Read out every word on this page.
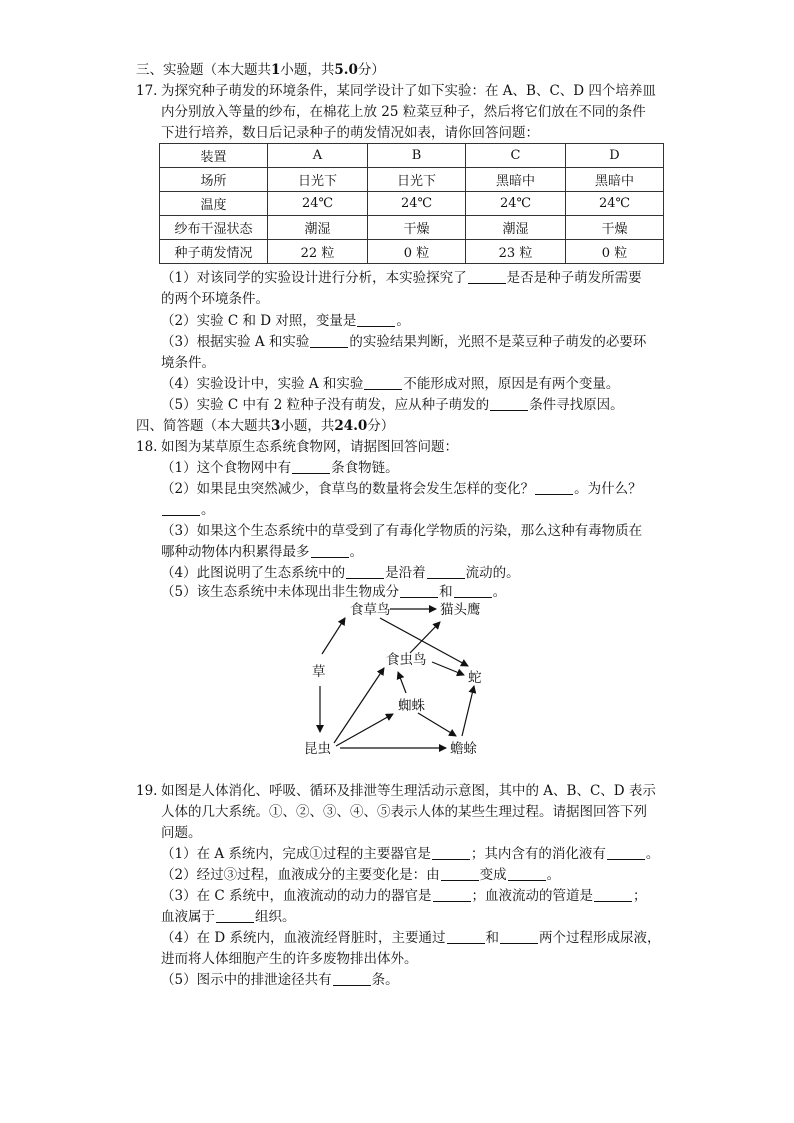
三、实验题（本大题共1小题，共5.0分）
17. 为探究种子萌发的环境条件，某同学设计了如下实验：在 A、B、C、D 四个培养皿
内分别放入等量的纱布，在棉花上放 25 粒菜豆种子，然后将它们放在不同的条件
下进行培养，数日后记录种子的萌发情况如表，请你回答问题：
装置	A	B	C	D
场所	日光下	日光下	黑暗中	黑暗中
温度	24℃	24℃	24℃	24℃
纱布干湿状态	潮湿	干燥	潮湿	干燥
种子萌发情况	22 粒	0 粒	23 粒	0 粒
（1）对该同学的实验设计进行分析，本实验探究了	是否是种子萌发所需要
的两个环境条件。
（2）实验 C 和 D 对照，变量是	。
（3）根据实验 A 和实验	的实验结果判断，光照不是菜豆种子萌发的必要环
境条件。
（4）实验设计中，实验 A 和实验	不能形成对照，原因是有两个变量。
（5）实验 C 中有 2 粒种子没有萌发，应从种子萌发的	条件寻找原因。
四、简答题（本大题共3小题，共24.0分）
18. 如图为某草原生态系统食物网，请据图回答问题：
（1）这个食物网中有	条食物链。
（2）如果昆虫突然减少，食草鸟的数量将会发生怎样的变化？	。为什么？
。
（3）如果这个生态系统中的草受到了有毒化学物质的污染，那么这种有毒物质在
哪种动物体内积累得最多	。
（4）此图说明了生态系统中的	是沿着	流动的。
（5）该生态系统中未体现出非生物成分	和	。
草
食草鸟	猫头鹰
食虫鸟
蛇
蜘蛛
昆虫	蟾蜍
19. 如图是人体消化、呼吸、循环及排泄等生理活动示意图，其中的 A、B、C、D 表示
人体的几大系统。①、②、③、④、⑤表示人体的某些生理过程。请据图回答下列
问题。
（1）在 A 系统内，完成①过程的主要器官是	；其内含有的消化液有	。
（2）经过③过程，血液成分的主要变化是：由	变成	。
（3）在 C 系统中，血液流动的动力的器官是	；血液流动的管道是	；
血液属于	组织。
（4）在 D 系统内，血液流经肾脏时，主要通过	和	两个过程形成尿液，
进而将人体细胞产生的许多废物排出体外。
（5）图示中的排泄途径共有	条。
